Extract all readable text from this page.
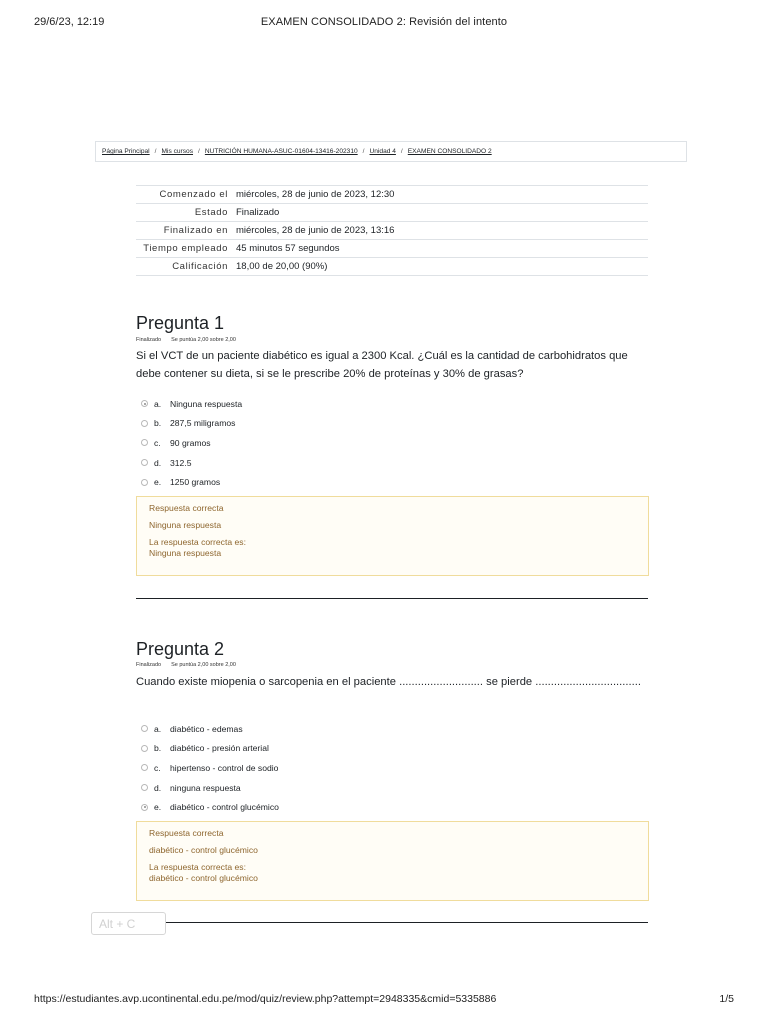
29/6/23, 12:19	EXAMEN CONSOLIDADO 2: Revisión del intento
Página Principal / Mis cursos / NUTRICIÓN HUMANA-ASUC-01604-13416-202310 / Unidad 4 / EXAMEN CONSOLIDADO 2
Comenzado el	miércoles, 28 de junio de 2023, 12:30
Estado	Finalizado
Finalizado en	miércoles, 28 de junio de 2023, 13:16
Tiempo empleado	45 minutos 57 segundos
Calificación	18,00 de 20,00 (90%)
Pregunta 1
Finalizado Se puntúa 2,00 sobre 2,00
Si el VCT de un paciente diabético es igual a 2300 Kcal. ¿Cuál es la cantidad de carbohidratos que debe contener su dieta, si se le prescribe 20% de proteínas y 30% de grasas?
a.	Ninguna respuesta
b.	287,5 miligramos
c.	90 gramos
d.	312.5
e.	1250 gramos
Respuesta correcta
Ninguna respuesta
La respuesta correcta es:
Ninguna respuesta
Pregunta 2
Finalizado Se puntúa 2,00 sobre 2,00
Cuando existe miopenia o sarcopenia en el paciente ........................... se pierde ..................................
a.	diabético - edemas
b.	diabético - presión arterial
c.	hipertenso - control de sodio
d.	ninguna respuesta
e.	diabético - control glucémico
Respuesta correcta
diabético - control glucémico
La respuesta correcta es:
diabético - control glucémico
Alt + C
https://estudiantes.avp.ucontinental.edu.pe/mod/quiz/review.php?attempt=2948335&cmid=5335886	1/5
